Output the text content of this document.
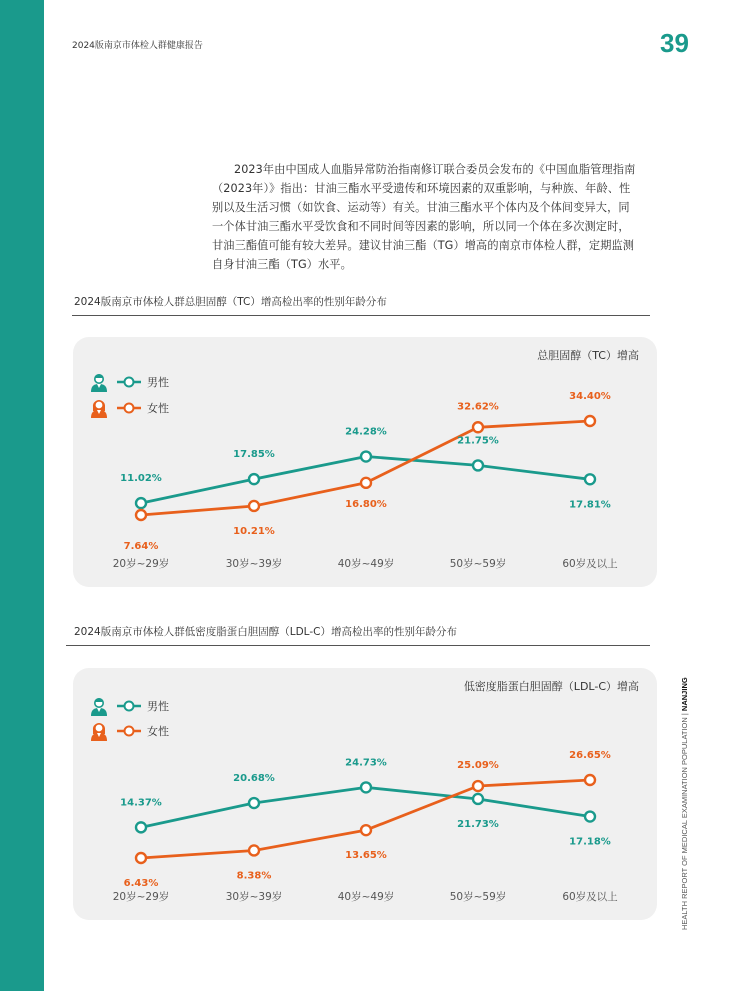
2024版南京市体检人群健康报告	39
2023年由中国成人血脂异常防治指南修订联合委员会发布的《中国血脂管理指南（2023年）》指出：甘油三酯水平受遗传和环境因素的双重影响，与种族、年龄、性别以及生活习惯（如饮食、运动等）有关。甘油三酯水平个体内及个体间变异大，同一个体甘油三酯水平受饮食和不同时间等因素的影响，所以同一个体在多次测定时，甘油三酯值可能有较大差异。建议甘油三酯（TG）增高的南京市体检人群，定期监测自身甘油三酯（TG）水平。
2024版南京市体检人群总胆固醇（TC）增高检出率的性别年龄分布
总胆固醇（TC）增高
男性
女性
11.02%
17.85%
24.28%
21.75%
17.81%
7.64%
10.21%
16.80%
32.62%
34.40%
20岁~29岁	30岁~39岁	40岁~49岁	50岁~59岁	60岁及以上
2024版南京市体检人群低密度脂蛋白胆固醇（LDL-C）增高检出率的性别年龄分布
低密度脂蛋白胆固醇（LDL-C）增高
男性
女性
14.37%
20.68%
24.73%
21.73%
17.18%
6.43%
8.38%
13.65%
25.09%
26.65%
20岁~29岁	30岁~39岁	40岁~49岁	50岁~59岁	60岁及以上	HEALTH REPORT OF MEDICAL EXAMINATION POPULATION | NANJING
